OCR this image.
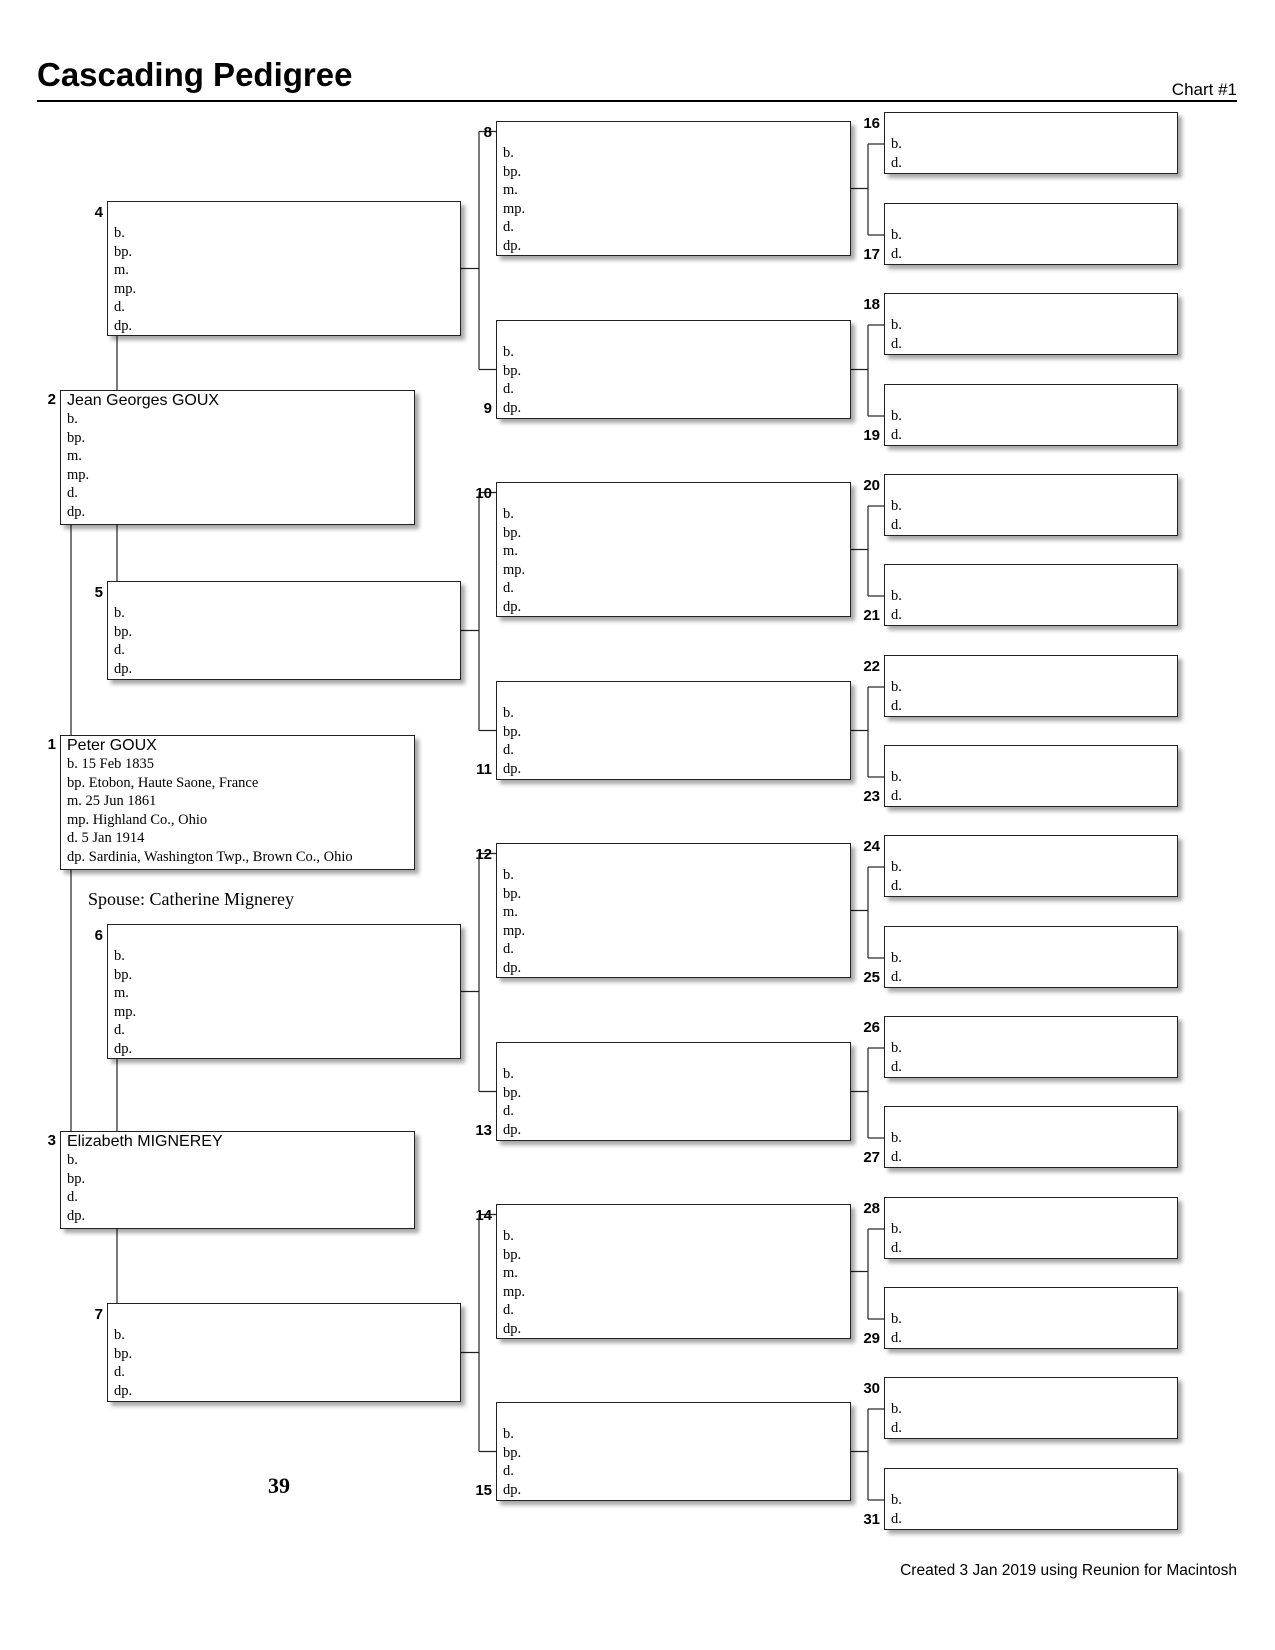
Cascading Pedigree	Chart #1
Peter GOUX
b. 15 Feb 1835
bp. Etobon, Haute Saone, France
m. 25 Jun 1861
mp. Highland Co., Ohio
d. 5 Jan 1914
dp. Sardinia, Washington Twp., Brown Co., Ohio
1
Jean Georges GOUX
b.
bp.
m.
mp.
d.
dp.
2
Elizabeth MIGNEREY
b.
bp.
d.
dp.
3
b.
bp.
m.
mp.
d.
dp.
4
b.
bp.
d.
dp.
5
b.
bp.
m.
mp.
d.
dp.
6
b.
bp.
d.
dp.
7
b.
bp.
m.
mp.
d.
dp.
8
b.
bp.
d.
dp.
9
b.
bp.
m.
mp.
d.
dp.
10
b.
bp.
d.
dp.
11
b.
bp.
m.
mp.
d.
dp.
12
b.
bp.
d.
dp.
13
b.
bp.
m.
mp.
d.
dp.
14
b.
bp.
d.
dp.
15
b.
d.
16
b.
d.
17
b.
d.
18
b.
d.
19
b.
d.
20
b.
d.
21
b.
d.
22
b.
d.
23
b.
d.
24
b.
d.
25
b.
d.
26
b.
d.
27
b.
d.
28
b.
d.
29
b.
d.
30
b.
d.
31
Spouse: Catherine Mignerey
39
Created 3 Jan 2019 using Reunion for Macintosh
